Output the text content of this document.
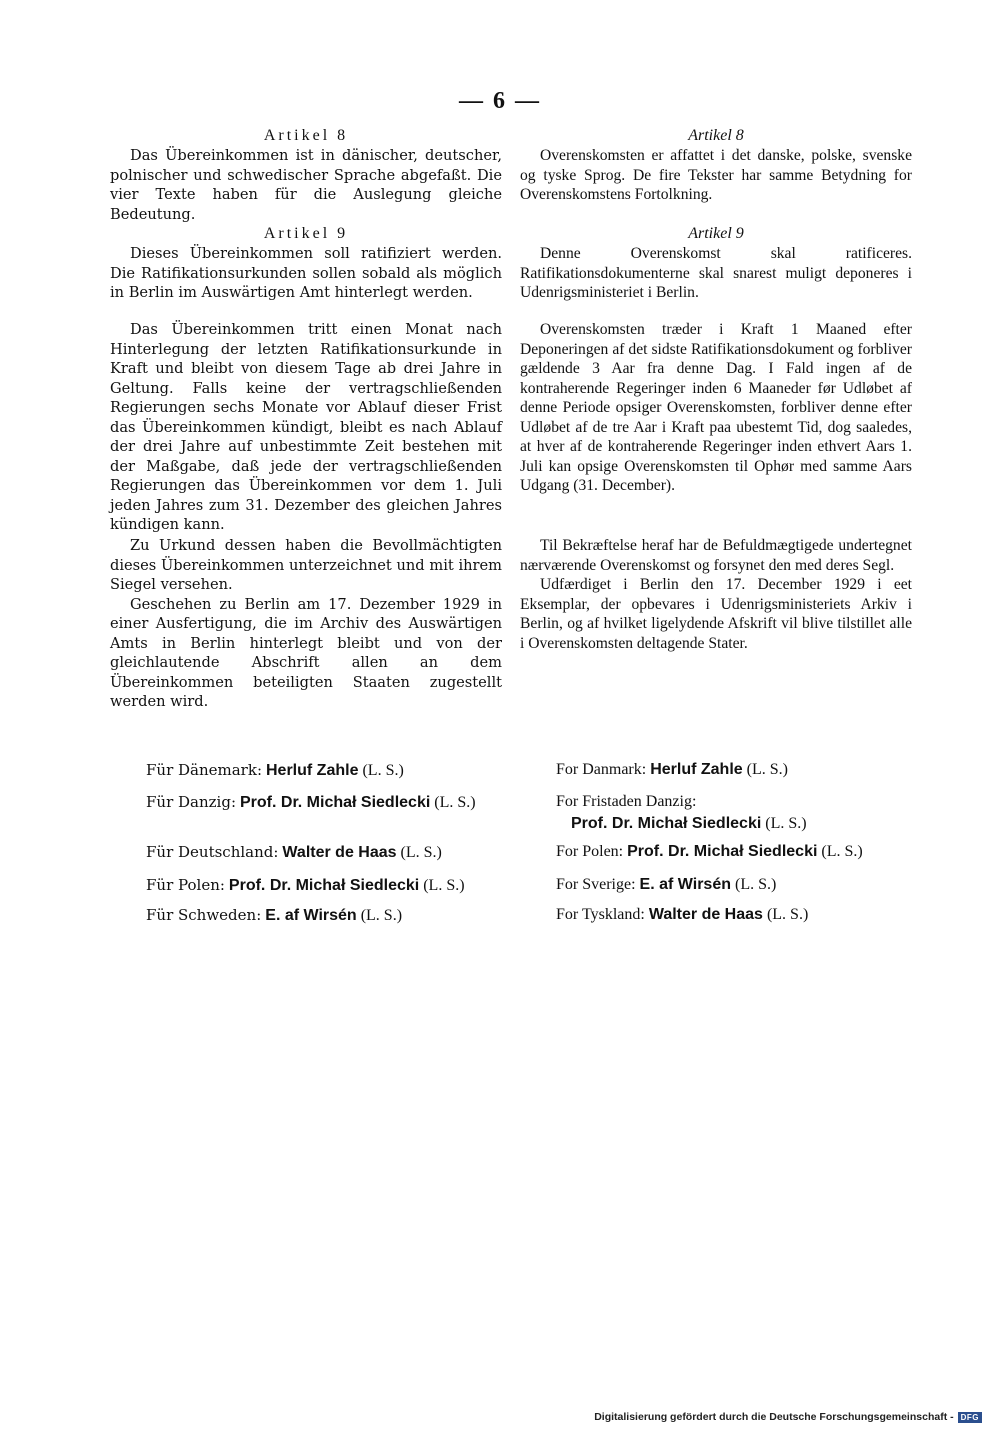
— 6 —
Artikel 8

Das Übereinkommen ist in dänischer, deutscher, polnischer und schwedischer Sprache abgefaßt. Die vier Texte haben für die Auslegung gleiche Bedeutung.

Artikel 9

Dieses Übereinkommen soll ratifiziert werden. Die Ratifikationsurkunden sollen sobald als möglich in Berlin im Auswärtigen Amt hinterlegt werden.

Das Übereinkommen tritt einen Monat nach Hinterlegung der letzten Ratifikationsurkunde in Kraft und bleibt von diesem Tage ab drei Jahre in Geltung. Falls keine der vertragschließenden Regierungen sechs Monate vor Ablauf dieser Frist das Übereinkommen kündigt, bleibt es nach Ablauf der drei Jahre auf unbestimmte Zeit bestehen mit der Maßgabe, daß jede der vertragschließenden Regierungen das Übereinkommen vor dem 1. Juli jeden Jahres zum 31. Dezember des gleichen Jahres kündigen kann.

Zu Urkund dessen haben die Bevollmächtigten dieses Übereinkommen unterzeichnet und mit ihrem Siegel versehen.

Geschehen zu Berlin am 17. Dezember 1929 in einer Ausfertigung, die im Archiv des Auswärtigen Amts in Berlin hinterlegt bleibt und von der gleichlautende Abschrift allen an dem Übereinkommen beteiligten Staaten zugestellt werden wird.

Artikel 8

Overenskomsten er affattet i det danske, polske, svenske og tyske Sprog. De fire Tekster har samme Betydning for Overenskomstens Fortolkning.

Artikel 9

Denne Overenskomst skal ratificeres. Ratifikationsdokumenterne skal snarest muligt deponeres i Udenrigsministeriet i Berlin.

Overenskomsten træder i Kraft 1 Maaned efter Deponeringen af det sidste Ratifikationsdokument og forbliver gældende 3 Aar fra denne Dag. I Fald ingen af de kontraherende Regeringer inden 6 Maaneder før Udløbet af denne Periode opsiger Overenskomsten, forbliver denne efter Udløbet af de tre Aar i Kraft paa ubestemt Tid, dog saaledes, at hver af de kontraherende Regeringer inden ethvert Aars 1. Juli kan opsige Overenskomsten til Ophør med samme Aars Udgang (31. December).

Til Bekræftelse heraf har de Befuldmægtigede undertegnet nærværende Overenskomst og forsynet den med deres Segl.

Udfærdiget i Berlin den 17. December 1929 i eet Eksemplar, der opbevares i Udenrigsministeriets Arkiv i Berlin, og af hvilket ligelydende Afskrift vil blive tilstillet alle i Overenskomsten deltagende Stater.

Für Dänemark: Herluf Zahle (L. S.)
Für Danzig: Prof. Dr. Michał Siedlecki (L. S.)
Für Deutschland: Walter de Haas (L. S.)
Für Polen: Prof. Dr. Michał Siedlecki (L. S.)
Für Schweden: E. af Wirsén (L. S.)
For Danmark: Herluf Zahle (L. S.)
For Fristaden Danzig:
Prof. Dr. Michał Siedlecki (L. S.)
For Polen: Prof. Dr. Michał Siedlecki (L. S.)
For Sverige: E. af Wirsén (L. S.)
For Tyskland: Walter de Haas (L. S.)
Digitalisierung gefördert durch die Deutsche Forschungsgemeinschaft - DFG
